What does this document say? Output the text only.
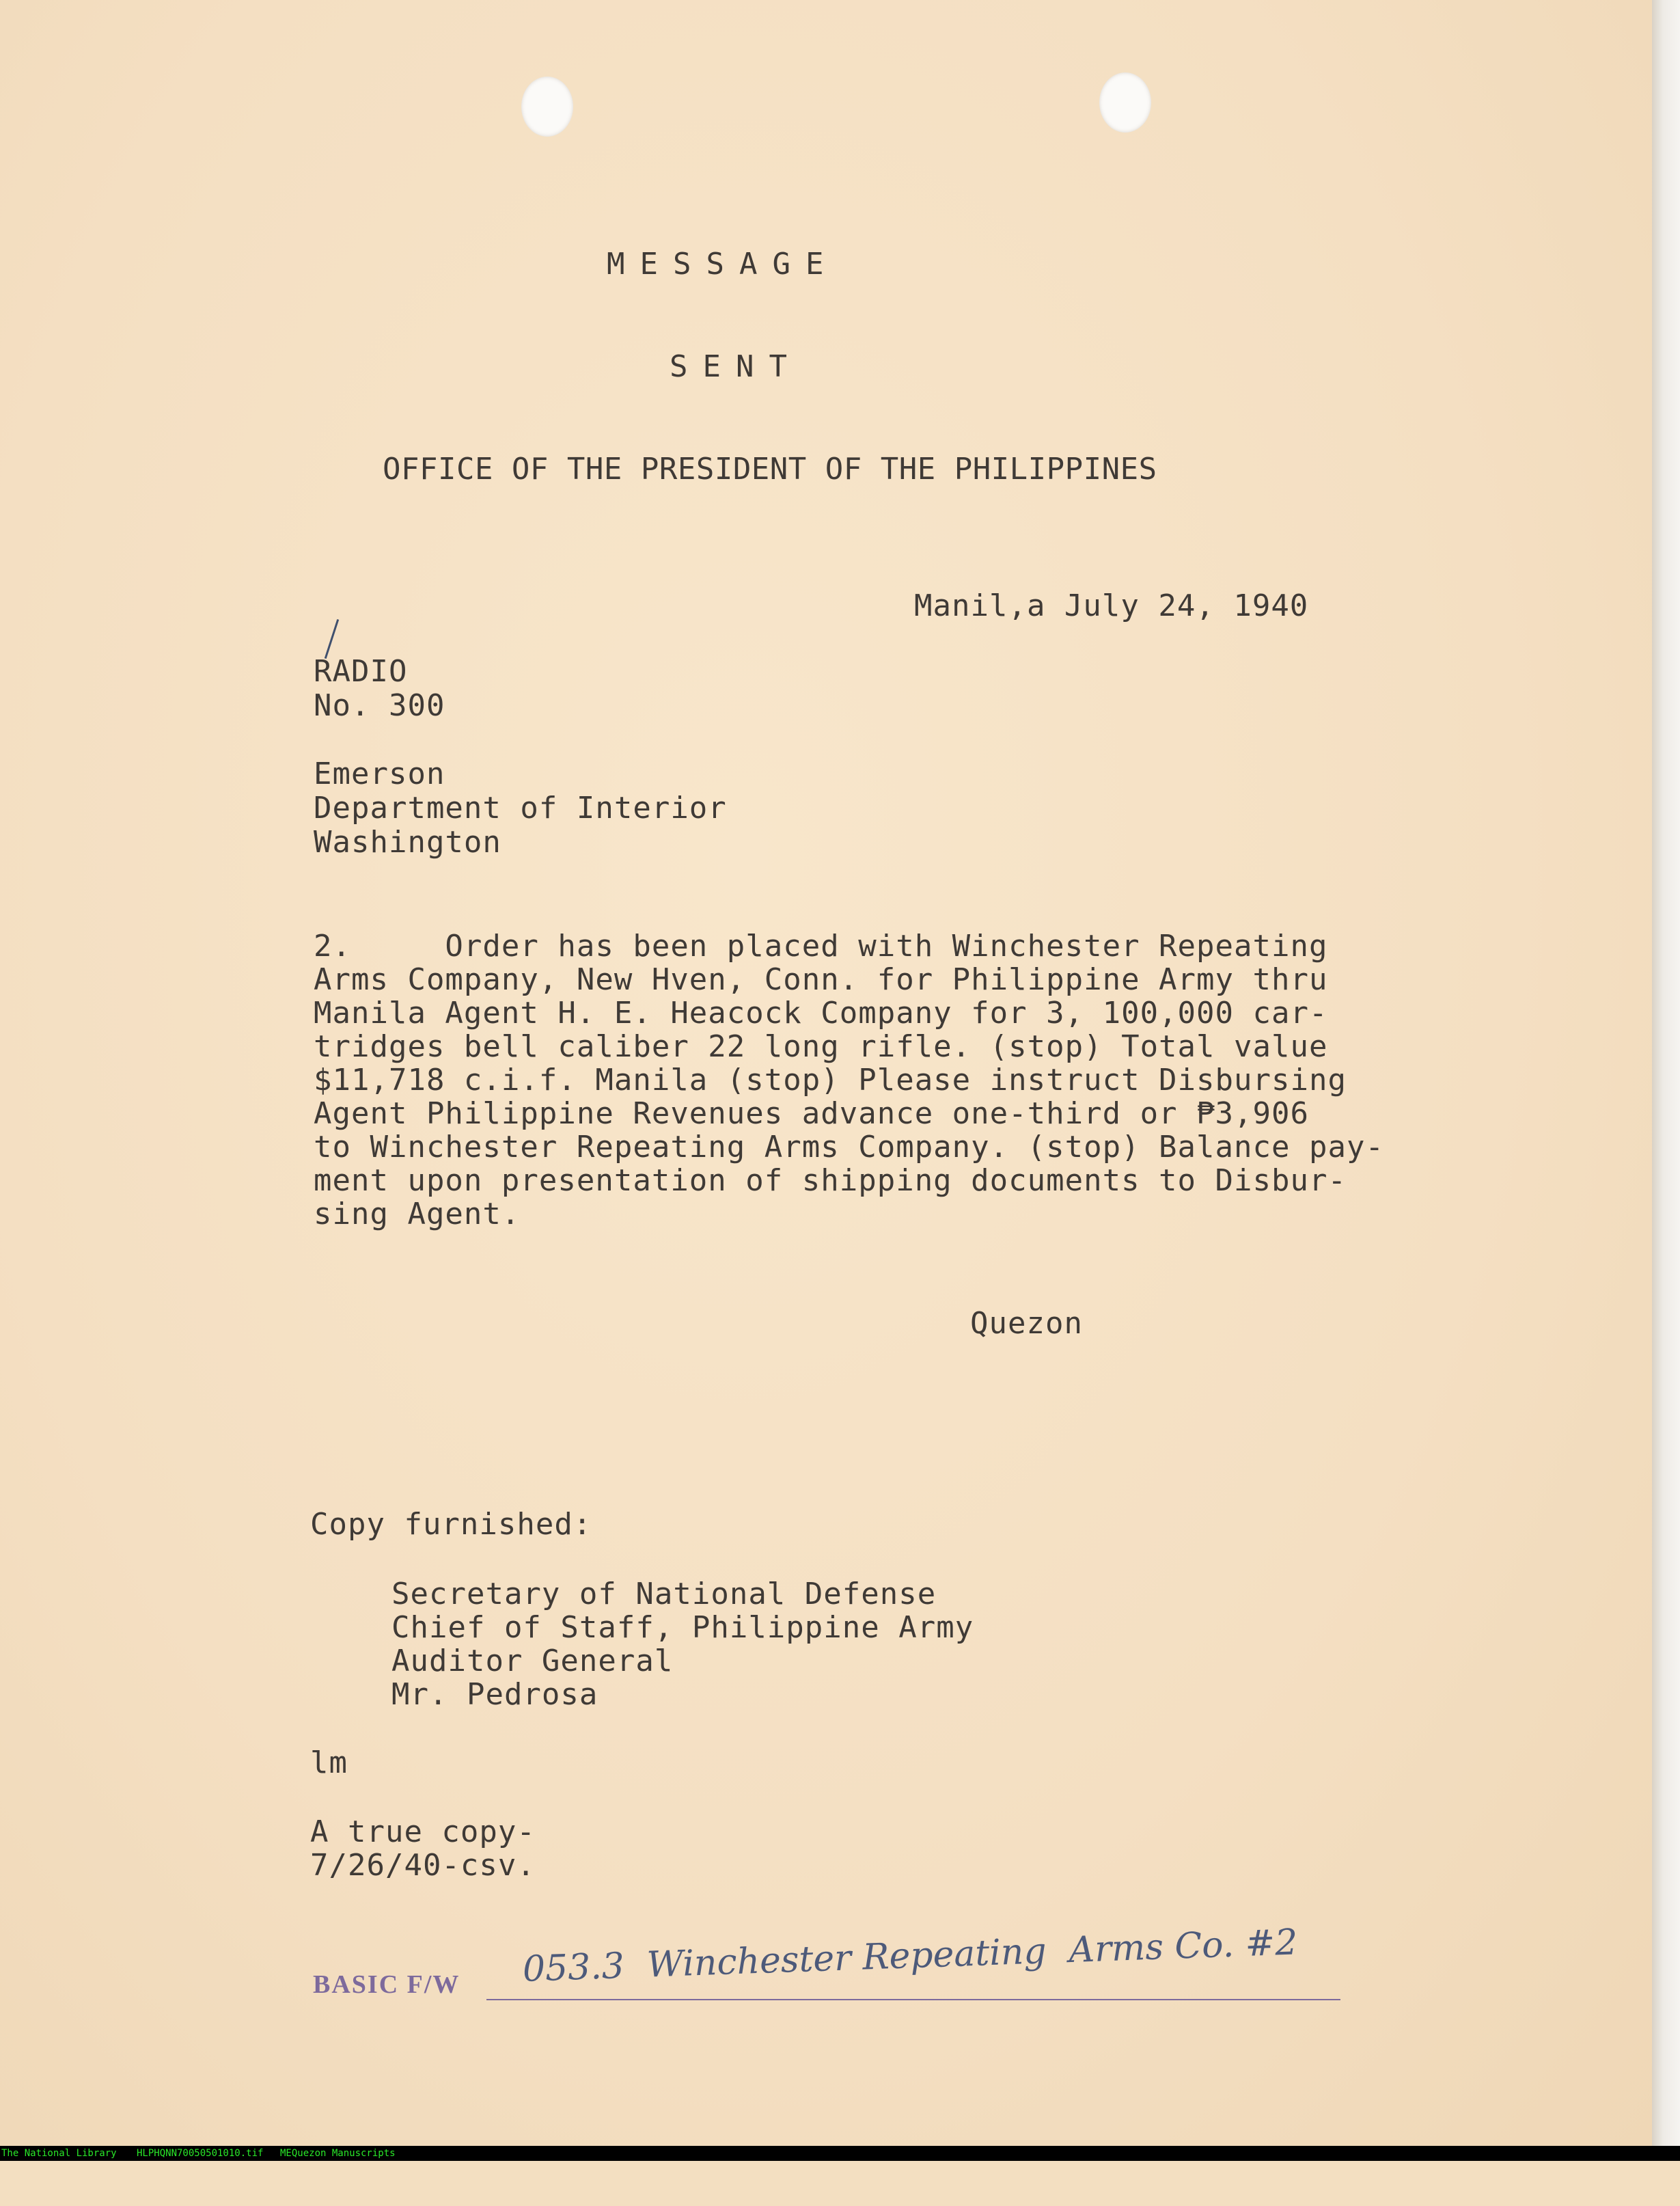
MESSAGE
SENT
OFFICE OF THE PRESIDENT OF THE PHILIPPINES
Manil,a July 24, 1940
RADIO
No. 300
Emerson
Department of Interior
Washington
2.     Order has been placed with Winchester Repeating
Arms Company, New Hven, Conn. for Philippine Army thru
Manila Agent H. E. Heacock Company for 3, 100,000 car-
tridges bell caliber 22 long rifle. (stop) Total value
$11,718 c.i.f. Manila (stop) Please instruct Disbursing
Agent Philippine Revenues advance one-third or ₱3,906
to Winchester Repeating Arms Company. (stop) Balance pay-
ment upon presentation of shipping documents to Disbur-
sing Agent.
Quezon
Copy furnished:
Secretary of National Defense
Chief of Staff, Philippine Army
Auditor General
Mr. Pedrosa
lm
A true copy-
7/26/40-csv.
BASIC F/W 053.3  Winchester Repeating  Arms Co. #2

The National Library

HLPHQNN70050501010.tif

MEQuezon Manuscripts
